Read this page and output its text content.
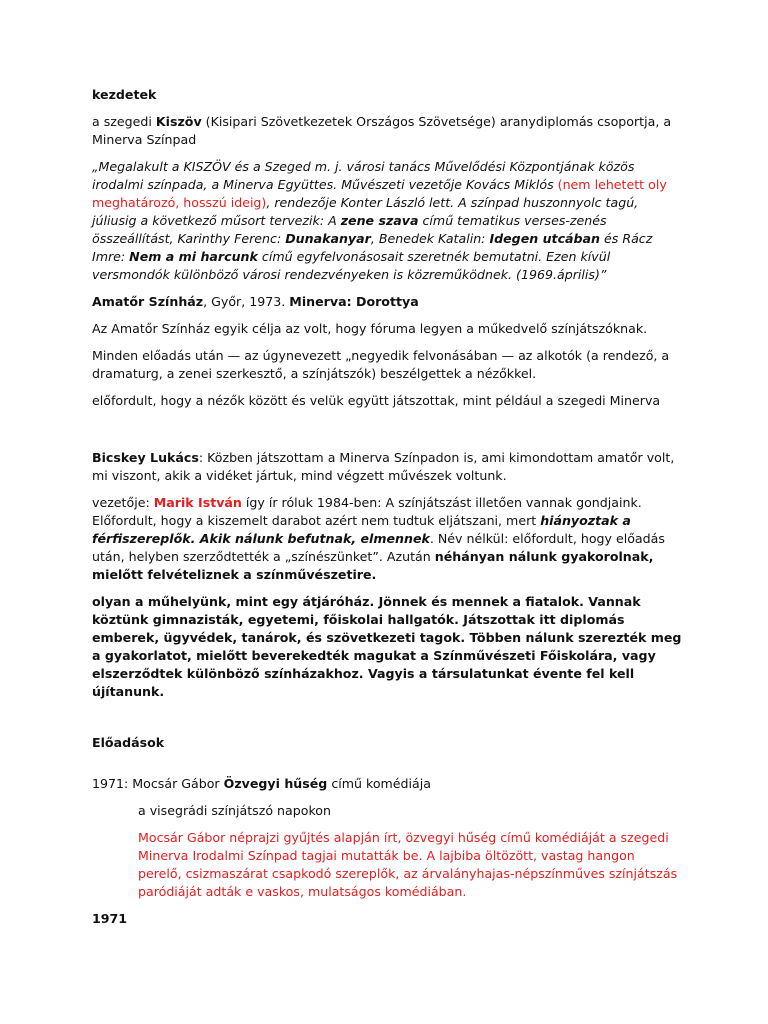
kezdetek

a szegedi Kiszöv (Kisipari Szövetkezetek Országos Szövetsége) aranydiplomás csoportja, a Minerva Színpad

„Megalakult a KISZÖV és a Szeged m. j. városi tanács Művelődési Központjának közös irodalmi színpada, a Minerva Együttes. Művészeti vezetője Kovács Miklós (nem lehetett oly meghatározó, hosszú ideig), rendezője Konter László lett. A színpad huszonnyolc tagú, júliusig a következő műsort tervezik: A zene szava című tematikus verses-zenés összeállítást, Karinthy Ferenc: Dunakanyar, Benedek Katalin: Idegen utcában és Rácz Imre: Nem a mi harcunk című egyfelvonásosait szeretnék bemutatni. Ezen kívül versmondók különböző városi rendezvényeken is közreműködnek. (1969.április)”

Amatőr Színház, Győr, 1973. Minerva: Dorottya

Az Amatőr Színház egyik célja az volt, hogy fóruma legyen a műkedvelő színjátszóknak.

Minden előadás után — az úgynevezett „negyedik felvonásában — az alkotók (a rendező, a dramaturg, a zenei szerkesztő, a színjátszók) beszélgettek a nézőkkel.

előfordult, hogy a nézők között és velük együtt játszottak, mint például a szegedi Minerva

Bicskey Lukács: Közben játszottam a Minerva Színpadon is, ami kimondottam amatőr volt, mi viszont, akik a vidéket jártuk, mind végzett művészek voltunk.

vezetője: Marik István így ír róluk 1984-ben: A színjátszást illetően vannak gondjaink. Előfordult, hogy a kiszemelt darabot azért nem tudtuk eljátszani, mert hiányoztak a férfiszereplők. Akik nálunk befutnak, elmennek. Név nélkül: előfordult, hogy előadás után, helyben szerződtették a „színészünket”. Azután néhányan nálunk gyakorolnak, mielőtt felvételiznek a színművészetire.

olyan a műhelyünk, mint egy átjáróház. Jönnek és mennek a fiatalok. Vannak köztünk gimnazisták, egyetemi, főiskolai hallgatók. Játszottak itt diplomás emberek, ügyvédek, tanárok, és szövetkezeti tagok. Többen nálunk szerezték meg a gyakorlatot, mielőtt beverekedték magukat a Színművészeti Főiskolára, vagy elszerződtek különböző színházakhoz. Vagyis a társulatunkat évente fel kell újítanunk.

Előadások

1971: Mocsár Gábor Özvegyi hűség című komédiája

a visegrádi színjátszó napokon

Mocsár Gábor néprajzi gyűjtés alapján írt, özvegyi hűség című komédiáját a szegedi Minerva Irodalmi Színpad tagjai mutatták be. A lajbiba öltözött, vastag hangon perelő, csizmaszárat csapkodó szereplők, az árvalányhajas-népszínműves színjátszás paródiáját adták e vaskos, mulatságos komédiában.

1971
